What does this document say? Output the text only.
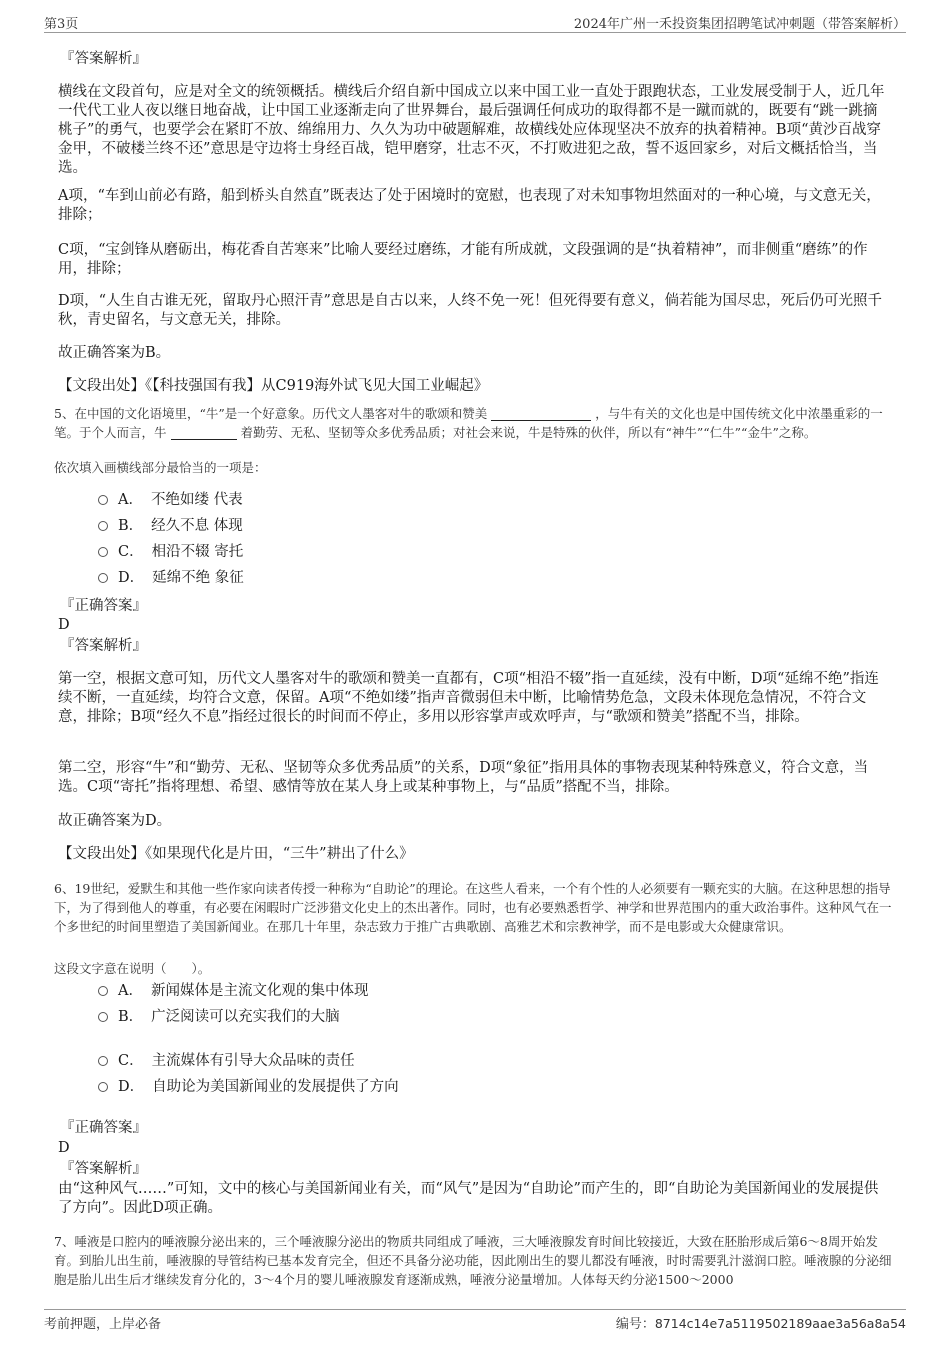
第3页	2024年广州一禾投资集团招聘笔试冲刺题（带答案解析）
『答案解析』
横线在文段首句，应是对全文的统领概括。横线后介绍自新中国成立以来中国工业一直处于跟跑状态，工业发展受制于人，近几年一代代工业人夜以继日地奋战，让中国工业逐渐走向了世界舞台，最后强调任何成功的取得都不是一蹴而就的，既要有“跳一跳摘桃子”的勇气，也要学会在紧盯不放、绵绵用力、久久为功中破题解难，故横线处应体现坚决不放弃的执着精神。B项“黄沙百战穿金甲，不破楼兰终不还”意思是守边将士身经百战，铠甲磨穿，壮志不灭，不打败进犯之敌，誓不返回家乡，对后文概括恰当，当选。
A项，“车到山前必有路，船到桥头自然直”既表达了处于困境时的宽慰，也表现了对未知事物坦然面对的一种心境，与文意无关，排除；
C项，“宝剑锋从磨砺出，梅花香自苦寒来”比喻人要经过磨练，才能有所成就，文段强调的是“执着精神”，而非侧重“磨练”的作用，排除；
D项，“人生自古谁无死，留取丹心照汗青”意思是自古以来，人终不免一死！但死得要有意义，倘若能为国尽忠，死后仍可光照千秋，青史留名，与文意无关，排除。
故正确答案为B。
【文段出处】《【科技强国有我】从C919海外试飞见大国工业崛起》
5、在中国的文化语境里，“牛”是一个好意象。历代文人墨客对牛的歌颂和赞美	，与牛有关的文化也是中国传统文化中浓墨重彩的一笔。于个人而言，牛	着勤劳、无私、坚韧等众多优秀品质；对社会来说，牛是特殊的伙伴，所以有“神牛”“仁牛”“金牛”之称。
依次填入画横线部分最恰当的一项是：
A． 不绝如缕 代表
B． 经久不息 体现
C． 相沿不辍 寄托
D． 延绵不绝 象征
『正确答案』
D
『答案解析』
第一空，根据文意可知，历代文人墨客对牛的歌颂和赞美一直都有，C项“相沿不辍”指一直延续，没有中断，D项“延绵不绝”指连续不断，一直延续，均符合文意，保留。A项“不绝如缕”指声音微弱但未中断，比喻情势危急，文段未体现危急情况，不符合文意，排除；B项“经久不息”指经过很长的时间而不停止，多用以形容掌声或欢呼声，与“歌颂和赞美”搭配不当，排除。
第二空，形容“牛”和“勤劳、无私、坚韧等众多优秀品质”的关系，D项“象征”指用具体的事物表现某种特殊意义，符合文意，当选。C项“寄托”指将理想、希望、感情等放在某人身上或某种事物上，与“品质”搭配不当，排除。
故正确答案为D。
【文段出处】《如果现代化是片田，“三牛”耕出了什么》
6、19世纪，爱默生和其他一些作家向读者传授一种称为“自助论”的理论。在这些人看来，一个有个性的人必须要有一颗充实的大脑。在这种思想的指导下，为了得到他人的尊重，有必要在闲暇时广泛涉猎文化史上的杰出著作。同时，也有必要熟悉哲学、神学和世界范围内的重大政治事件。这种风气在一个多世纪的时间里塑造了美国新闻业。在那几十年里，杂志致力于推广古典歌剧、高雅艺术和宗教神学，而不是电影或大众健康常识。
这段文字意在说明（　　）。
A． 新闻媒体是主流文化观的集中体现
B． 广泛阅读可以充实我们的大脑
C． 主流媒体有引导大众品味的责任
D． 自助论为美国新闻业的发展提供了方向
『正确答案』
D
『答案解析』
由“这种风气……”可知，文中的核心与美国新闻业有关，而“风气”是因为“自助论”而产生的，即“自助论为美国新闻业的发展提供了方向”。因此D项正确。
7、唾液是口腔内的唾液腺分泌出来的，三个唾液腺分泌出的物质共同组成了唾液，三大唾液腺发育时间比较接近，大致在胚胎形成后第6～8周开始发育。到胎儿出生前，唾液腺的导管结构已基本发育完全，但还不具备分泌功能，因此刚出生的婴儿都没有唾液，时时需要乳汁滋润口腔。唾液腺的分泌细胞是胎儿出生后才继续发育分化的，3～4个月的婴儿唾液腺发育逐渐成熟，唾液分泌量增加。人体每天约分泌1500～2000
考前押题，上岸必备	编号：8714c14e7a5119502189aae3a56a8a54
